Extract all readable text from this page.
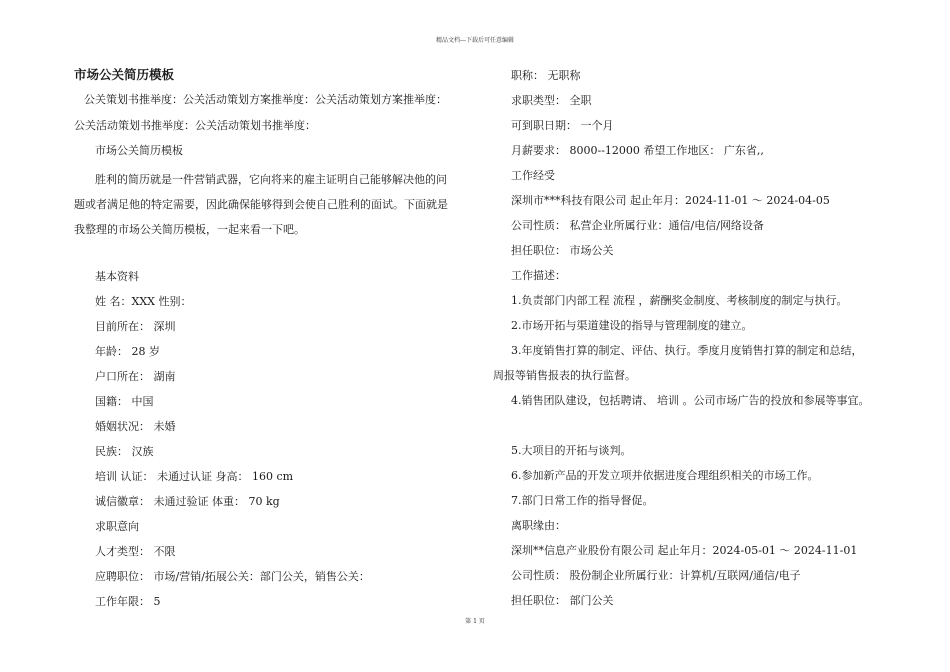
精品文档---下载后可任意编辑
市场公关简历模板
公关策划书推举度：公关活动策划方案推举度：公关活动策划方案推举度：
公关活动策划书推举度：公关活动策划书推举度：
市场公关简历模板
胜利的简历就是一件营销武器，它向将来的雇主证明自己能够解决他的问
题或者满足他的特定需要，因此确保能够得到会使自己胜利的面试。下面就是
我整理的市场公关简历模板，一起来看一下吧。
基本资料
姓 名：XXX 性别：
目前所在： 深圳
年龄： 28 岁
户口所在： 湖南
国籍： 中国
婚姻状况： 未婚
民族： 汉族
培训 认证： 未通过认证 身高： 160 cm
诚信徽章： 未通过验证 体重： 70 kg
求职意向
人才类型： 不限
应聘职位： 市场/营销/拓展公关：部门公关，销售公关：
工作年限： 5
职称： 无职称
求职类型： 全职
可到职日期： 一个月
月薪要求： 8000--12000 希望工作地区： 广东省,,
工作经受
深圳市***科技有限公司 起止年月：2024-11-01 ～ 2024-04-05
公司性质： 私营企业所属行业：通信/电信/网络设备
担任职位： 市场公关
工作描述：
1.负责部门内部工程 流程 ，薪酬奖金制度、考核制度的制定与执行。
2.市场开拓与渠道建设的指导与管理制度的建立。
3.年度销售打算的制定、评估、执行。季度月度销售打算的制定和总结，
周报等销售报表的执行监督。
4.销售团队建设，包括聘请、 培训 。公司市场广告的投放和参展等事宜。
5.大项目的开拓与谈判。
6.参加新产品的开发立项并依据进度合理组织相关的市场工作。
7.部门日常工作的指导督促。
离职缘由：
深圳**信息产业股份有限公司 起止年月：2024-05-01 ～ 2024-11-01
公司性质： 股份制企业所属行业：计算机/互联网/通信/电子
担任职位： 部门公关
第 1 页
